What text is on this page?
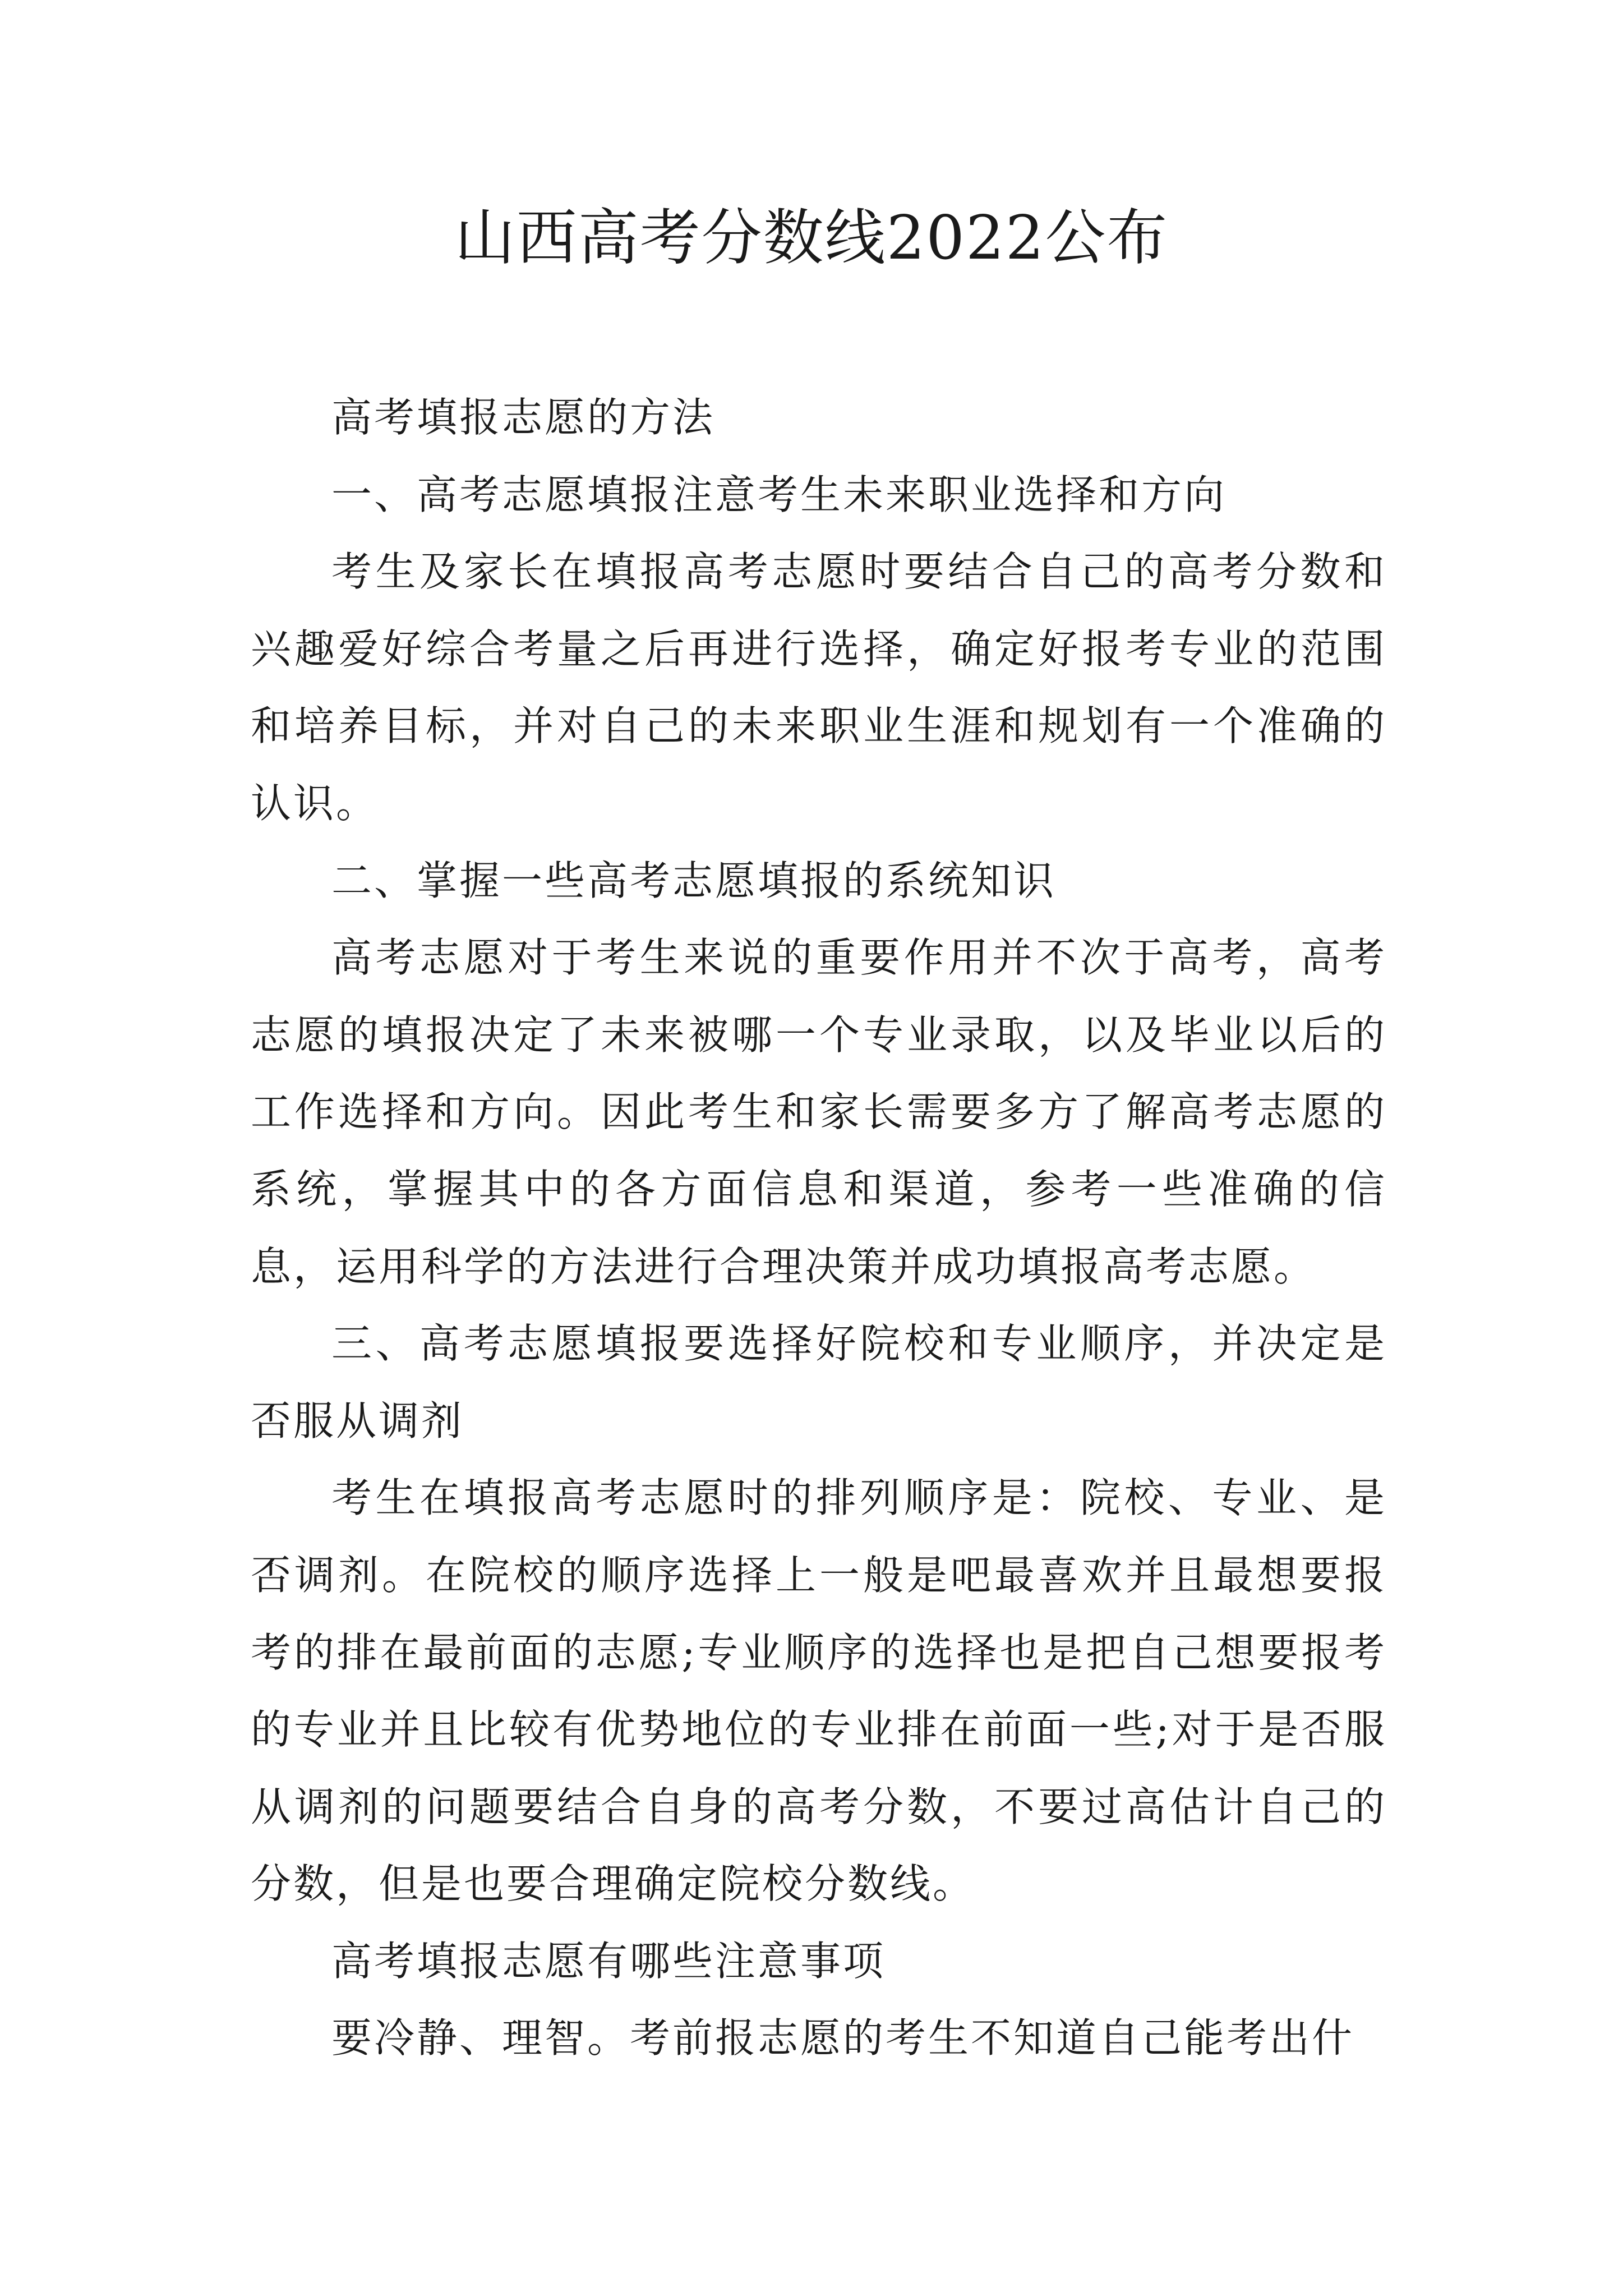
山西高考分数线2022公布

高考填报志愿的方法

一、高考志愿填报注意考生未来职业选择和方向

考生及家长在填报高考志愿时要结合自己的高考分数和兴趣爱好综合考量之后再进行选择，确定好报考专业的范围和培养目标，并对自己的未来职业生涯和规划有一个准确的认识。

二、掌握一些高考志愿填报的系统知识

高考志愿对于考生来说的重要作用并不次于高考，高考志愿的填报决定了未来被哪一个专业录取，以及毕业以后的工作选择和方向。因此考生和家长需要多方了解高考志愿的系统，掌握其中的各方面信息和渠道，参考一些准确的信息，运用科学的方法进行合理决策并成功填报高考志愿。

三、高考志愿填报要选择好院校和专业顺序，并决定是否服从调剂

考生在填报高考志愿时的排列顺序是：院校、专业、是否调剂。在院校的顺序选择上一般是吧最喜欢并且最想要报考的排在最前面的志愿;专业顺序的选择也是把自己想要报考的专业并且比较有优势地位的专业排在前面一些;对于是否服从调剂的问题要结合自身的高考分数，不要过高估计自己的分数，但是也要合理确定院校分数线。

高考填报志愿有哪些注意事项

要冷静、理智。考前报志愿的考生不知道自己能考出什
